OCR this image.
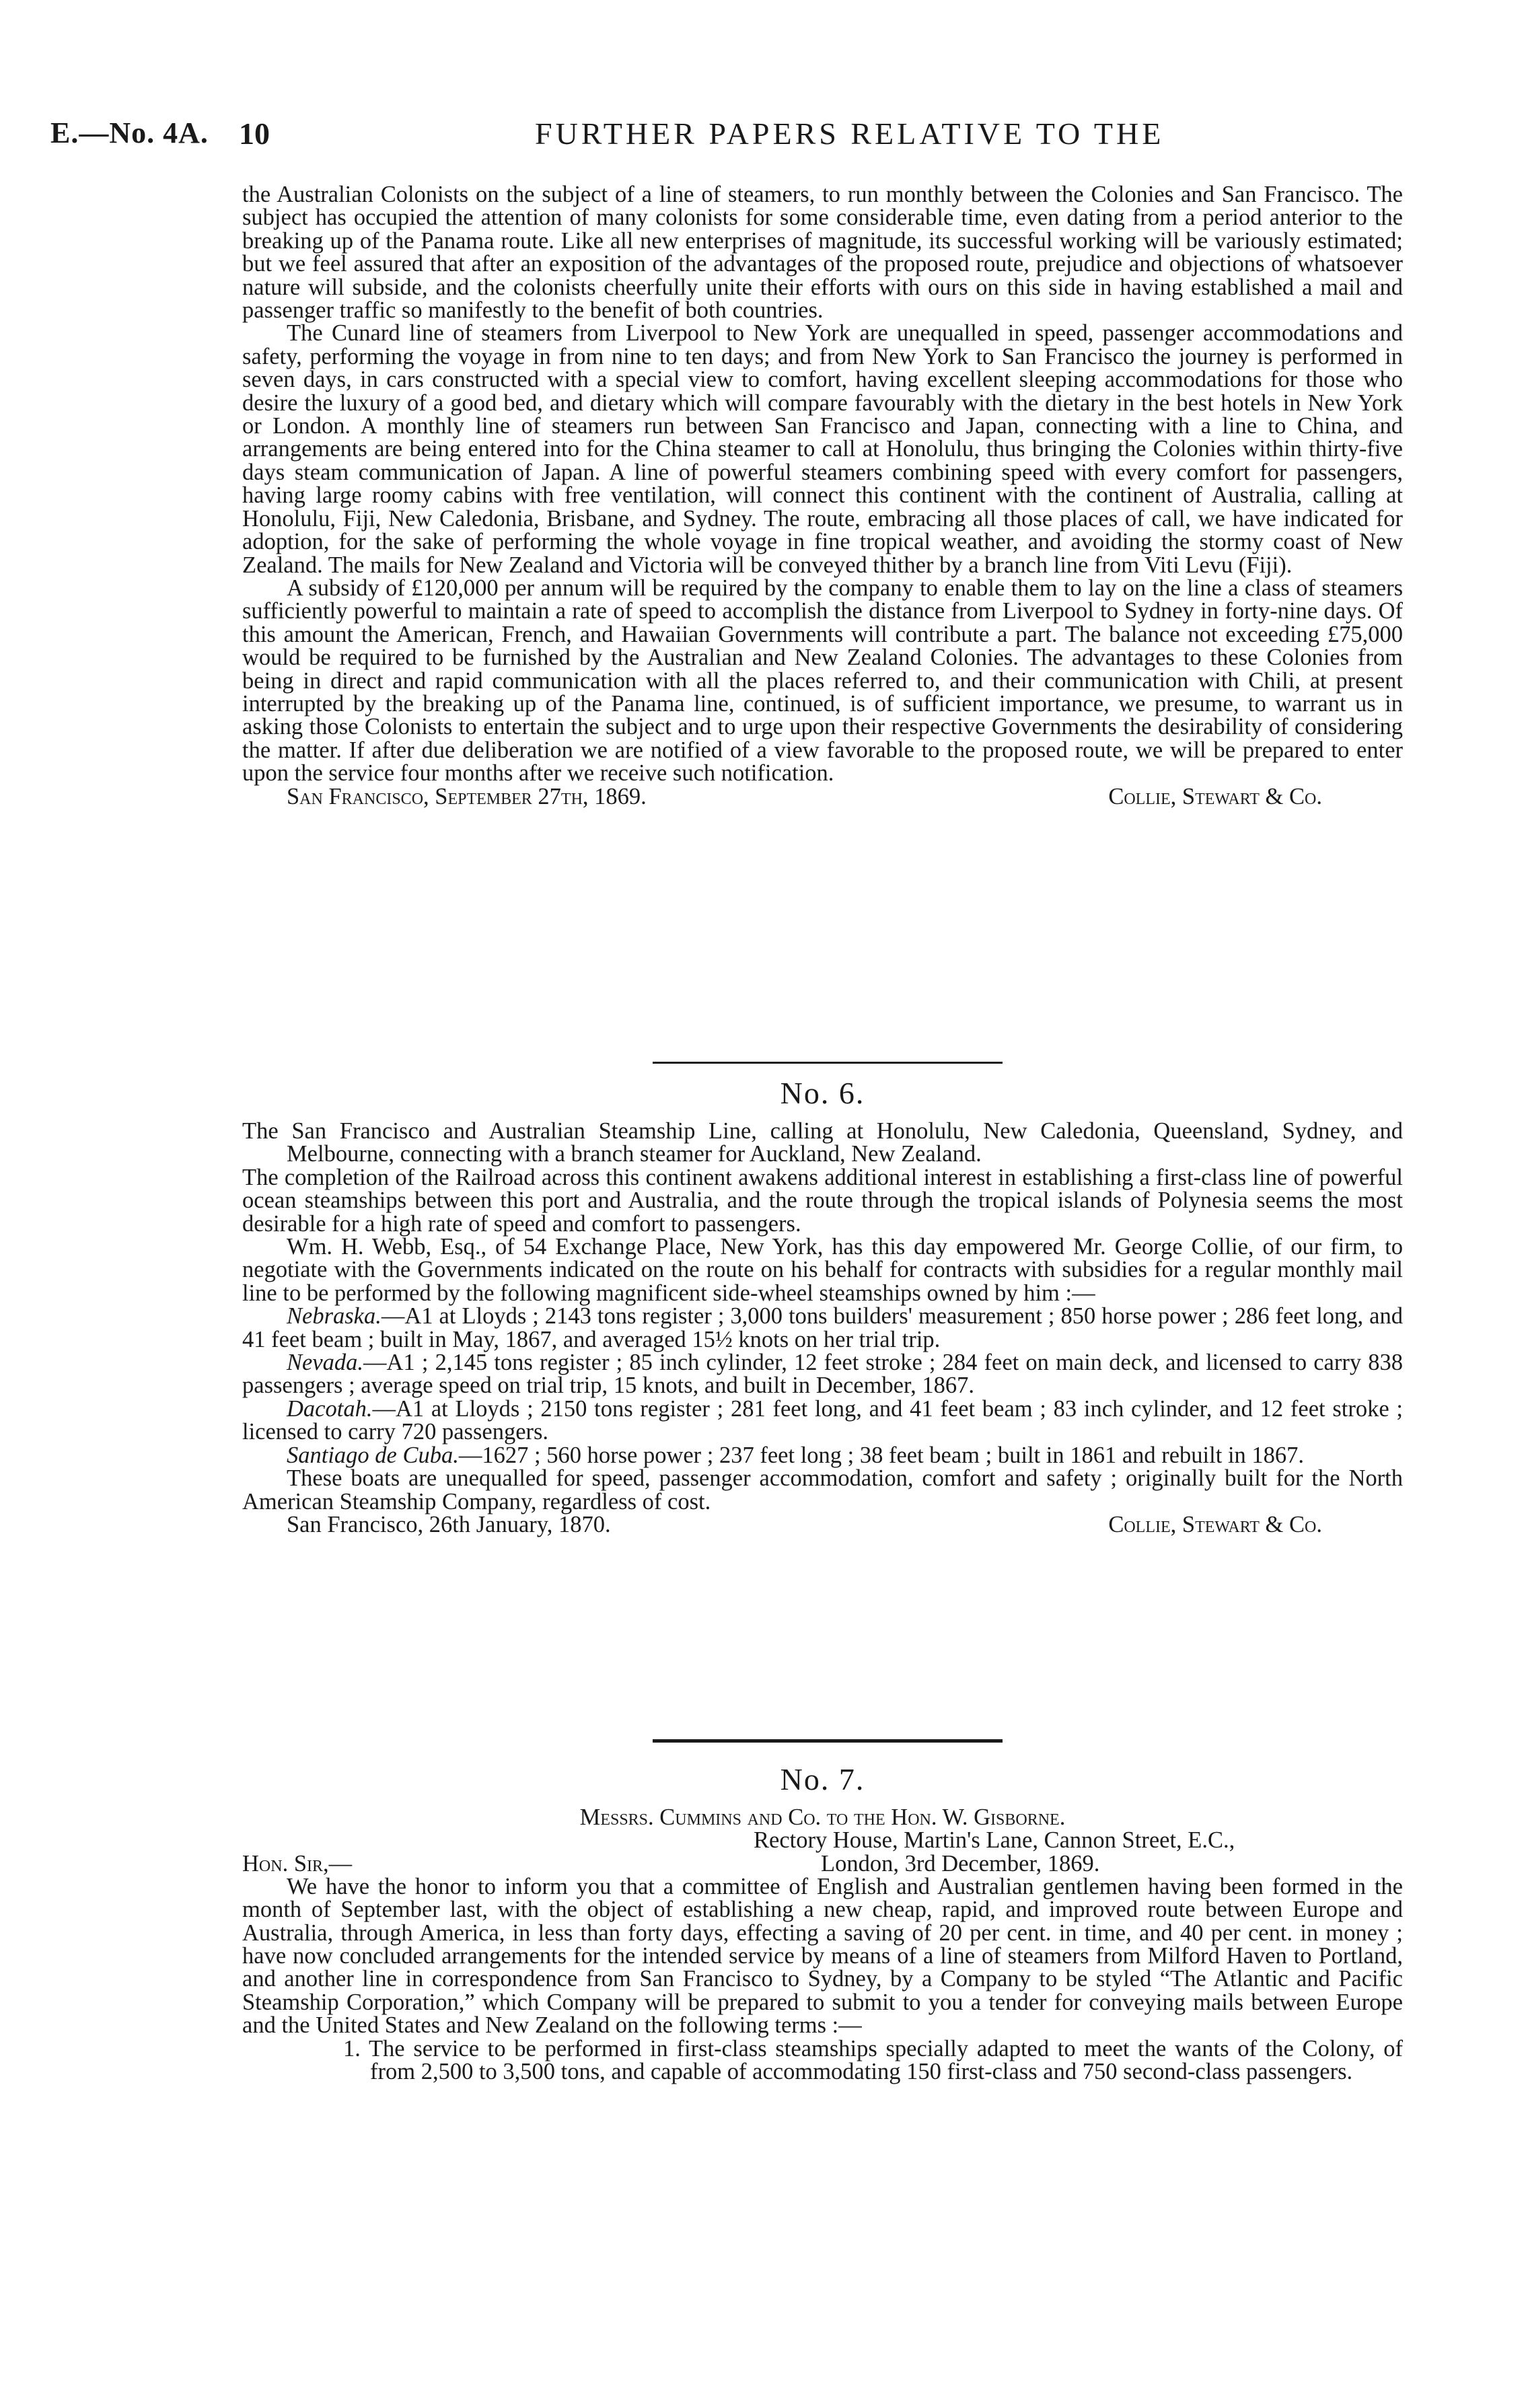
E.—No. 4A. 10	FURTHER PAPERS RELATIVE TO THE

the Australian Colonists on the subject of a line of steamers, to run monthly between the Colonies and San Francisco. The subject has occupied the attention of many colonists for some considerable time, even dating from a period anterior to the breaking up of the Panama route. Like all new enterprises of magnitude, its successful working will be variously estimated; but we feel assured that after an exposition of the advantages of the proposed route, prejudice and objections of whatsoever nature will subside, and the colonists cheerfully unite their efforts with ours on this side in having established a mail and passenger traffic so manifestly to the benefit of both countries.

The Cunard line of steamers from Liverpool to New York are unequalled in speed, passenger accommodations and safety, performing the voyage in from nine to ten days; and from New York to San Francisco the journey is performed in seven days, in cars constructed with a special view to comfort, having excellent sleeping accommodations for those who desire the luxury of a good bed, and dietary which will compare favourably with the dietary in the best hotels in New York or London. A monthly line of steamers run between San Francisco and Japan, connecting with a line to China, and arrangements are being entered into for the China steamer to call at Honolulu, thus bringing the Colonies within thirty-five days steam communication of Japan. A line of powerful steamers combining speed with every comfort for passengers, having large roomy cabins with free ventilation, will connect this continent with the continent of Australia, calling at Honolulu, Fiji, New Caledonia, Brisbane, and Sydney. The route, embracing all those places of call, we have indicated for adoption, for the sake of performing the whole voyage in fine tropical weather, and avoiding the stormy coast of New Zealand. The mails for New Zealand and Victoria will be conveyed thither by a branch line from Viti Levu (Fiji).

A subsidy of £120,000 per annum will be required by the company to enable them to lay on the line a class of steamers sufficiently powerful to maintain a rate of speed to accomplish the distance from Liverpool to Sydney in forty-nine days. Of this amount the American, French, and Hawaiian Governments will contribute a part. The balance not exceeding £75,000 would be required to be furnished by the Australian and New Zealand Colonies. The advantages to these Colonies from being in direct and rapid communication with all the places referred to, and their communication with Chili, at present interrupted by the breaking up of the Panama line, continued, is of sufficient importance, we presume, to warrant us in asking those Colonists to entertain the subject and to urge upon their respective Governments the desirability of considering the matter. If after due deliberation we are notified of a view favorable to the proposed route, we will be prepared to enter upon the service four months after we receive such notification.

San Francisco, September 27th, 1869.	Collie, Stewart & Co.
No. 6.

The San Francisco and Australian Steamship Line, calling at Honolulu, New Caledonia, Queensland, Sydney, and Melbourne, connecting with a branch steamer for Auckland, New Zealand.

The completion of the Railroad across this continent awakens additional interest in establishing a first-class line of powerful ocean steamships between this port and Australia, and the route through the tropical islands of Polynesia seems the most desirable for a high rate of speed and comfort to passengers.

Wm. H. Webb, Esq., of 54 Exchange Place, New York, has this day empowered Mr. George Collie, of our firm, to negotiate with the Governments indicated on the route on his behalf for contracts with subsidies for a regular monthly mail line to be performed by the following magnificent side-wheel steamships owned by him :—

Nebraska.—A1 at Lloyds ; 2143 tons register ; 3,000 tons builders' measurement ; 850 horse power ; 286 feet long, and 41 feet beam ; built in May, 1867, and averaged 15½ knots on her trial trip.

Nevada.—A1 ; 2,145 tons register ; 85 inch cylinder, 12 feet stroke ; 284 feet on main deck, and licensed to carry 838 passengers ; average speed on trial trip, 15 knots, and built in December, 1867.

Dacotah.—A1 at Lloyds ; 2150 tons register ; 281 feet long, and 41 feet beam ; 83 inch cylinder, and 12 feet stroke ; licensed to carry 720 passengers.

Santiago de Cuba.—1627 ; 560 horse power ; 237 feet long ; 38 feet beam ; built in 1861 and rebuilt in 1867.

These boats are unequalled for speed, passenger accommodation, comfort and safety ; originally built for the North American Steamship Company, regardless of cost.

San Francisco, 26th January, 1870.	Collie, Stewart & Co.
No. 7.

Messrs. Cummins and Co. to the Hon. W. Gisborne.

Rectory House, Martin's Lane, Cannon Street, E.C.,

Hon. Sir,—	London, 3rd December, 1869.

We have the honor to inform you that a committee of English and Australian gentlemen having been formed in the month of September last, with the object of establishing a new cheap, rapid, and improved route between Europe and Australia, through America, in less than forty days, effecting a saving of 20 per cent. in time, and 40 per cent. in money ; have now concluded arrangements for the intended service by means of a line of steamers from Milford Haven to Portland, and another line in correspondence from San Francisco to Sydney, by a Company to be styled “The Atlantic and Pacific Steamship Corporation,” which Company will be prepared to submit to you a tender for conveying mails between Europe and the United States and New Zealand on the following terms :—

1. The service to be performed in first-class steamships specially adapted to meet the wants of the Colony, of from 2,500 to 3,500 tons, and capable of accommodating 150 first-class and 750 second-class passengers.
